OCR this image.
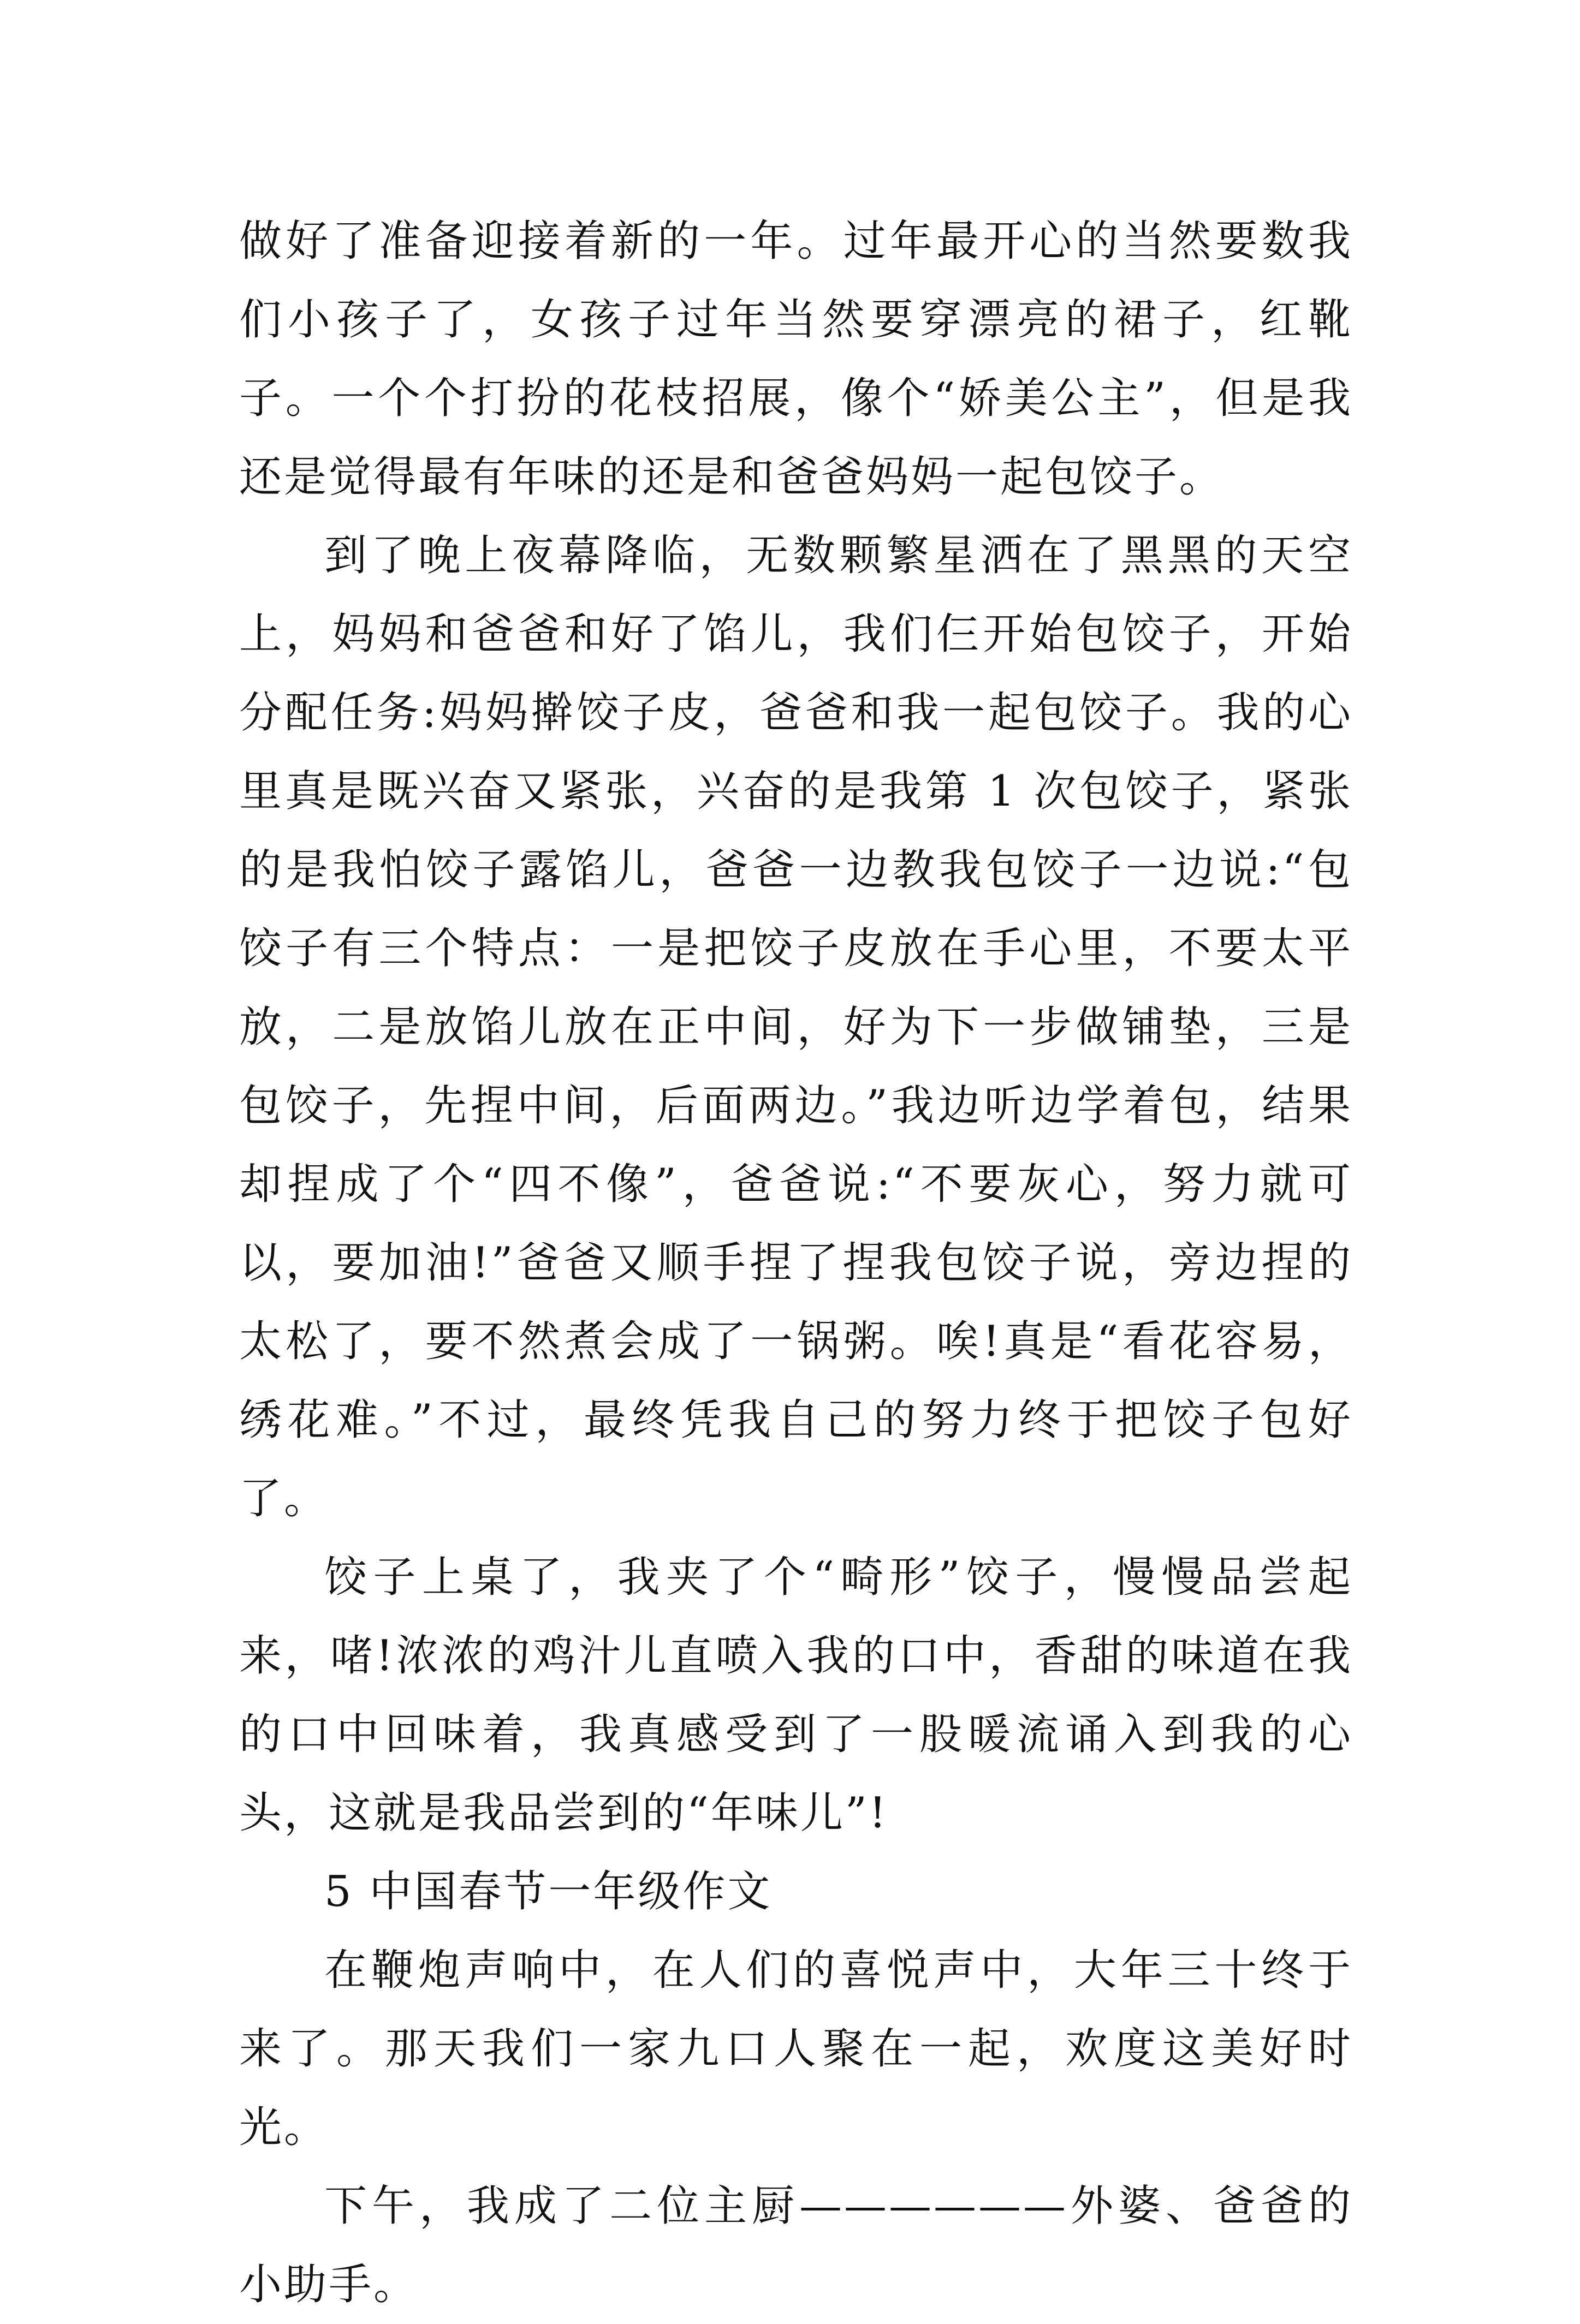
做好了准备迎接着新的一年。过年最开心的当然要数我们小孩子了，女孩子过年当然要穿漂亮的裙子，红靴子。一个个打扮的花枝招展，像个“娇美公主”，但是我还是觉得最有年味的还是和爸爸妈妈一起包饺子。

到了晚上夜幕降临，无数颗繁星洒在了黑黑的天空上，妈妈和爸爸和好了馅儿，我们仨开始包饺子，开始分配任务:妈妈擀饺子皮，爸爸和我一起包饺子。我的心里真是既兴奋又紧张，兴奋的是我第 1 次包饺子，紧张的是我怕饺子露馅儿，爸爸一边教我包饺子一边说:“包饺子有三个特点：一是把饺子皮放在手心里，不要太平放，二是放馅儿放在正中间，好为下一步做铺垫，三是包饺子，先捏中间，后面两边。”我边听边学着包，结果却捏成了个“四不像”，爸爸说:“不要灰心，努力就可以，要加油!”爸爸又顺手捏了捏我包饺子说，旁边捏的太松了，要不然煮会成了一锅粥。唉!真是“看花容易，绣花难。”不过，最终凭我自己的努力终于把饺子包好了。

饺子上桌了，我夹了个“畸形”饺子，慢慢品尝起来，啫!浓浓的鸡汁儿直喷入我的口中，香甜的味道在我的口中回味着，我真感受到了一股暖流诵入到我的心头，这就是我品尝到的“年味儿”!

5 中国春节一年级作文

在鞭炮声响中，在人们的喜悦声中，大年三十终于来了。那天我们一家九口人聚在一起，欢度这美好时光。

下午，我成了二位主厨——————外婆、爸爸的小助手。
